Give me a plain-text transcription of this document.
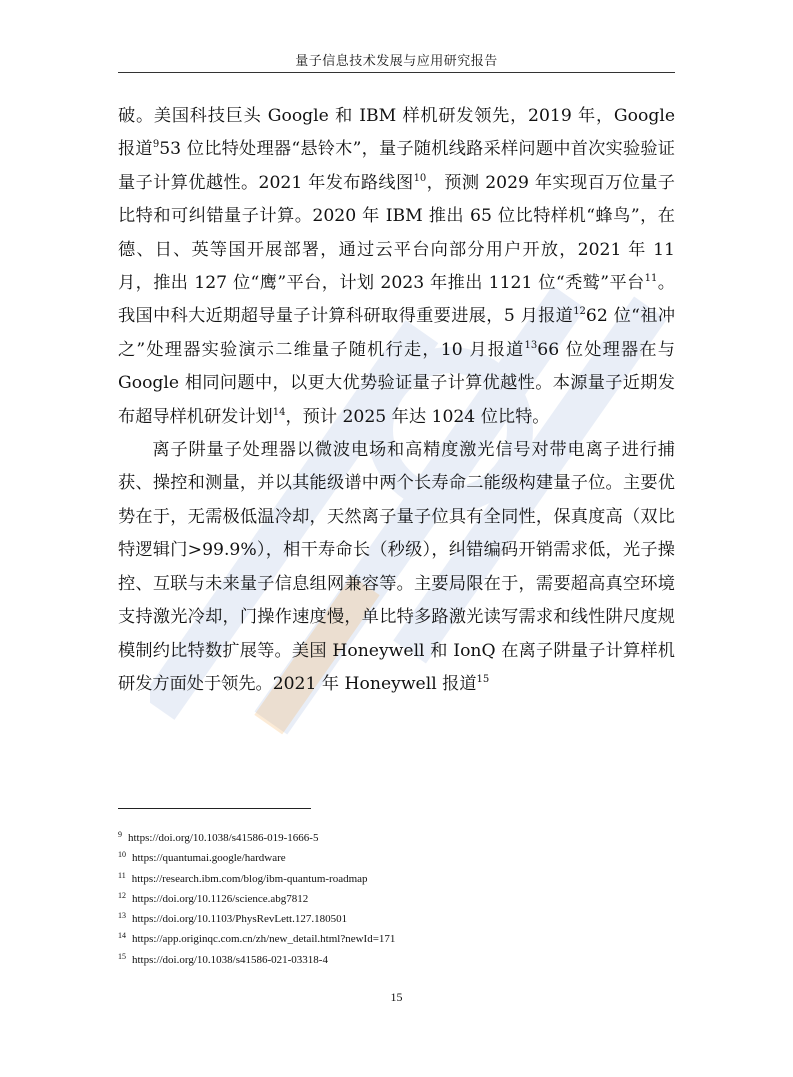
量子信息技术发展与应用研究报告

破。美国科技巨头 Google 和 IBM 样机研发领先，2019 年，Google 报道$^9$53 位比特处理器“悬铃木”，量子随机线路采样问题中首次实验验证量子计算优越性。2021 年发布路线图$^{10}$，预测 2029 年实现百万位量子比特和可纠错量子计算。2020 年 IBM 推出 65 位比特样机“蜂鸟”，在德、日、英等国开展部署，通过云平台向部分用户开放，2021 年 11 月，推出 127 位“鹰”平台，计划 2023 年推出 1121 位“秃鹫”平台$^{11}$。我国中科大近期超导量子计算科研取得重要进展，5 月报道$^{12}$62 位“祖冲之”处理器实验演示二维量子随机行走，10 月报道$^{13}$66 位处理器在与 Google 相同问题中，以更大优势验证量子计算优越性。本源量子近期发布超导样机研发计划$^{14}$，预计 2025 年达 1024 位比特。

离子阱量子处理器以微波电场和高精度激光信号对带电离子进行捕获、操控和测量，并以其能级谱中两个长寿命二能级构建量子位。主要优势在于，无需极低温冷却，天然离子量子位具有全同性，保真度高（双比特逻辑门>99.9%），相干寿命长（秒级），纠错编码开销需求低，光子操控、互联与未来量子信息组网兼容等。主要局限在于，需要超高真空环境支持激光冷却，门操作速度慢，单比特多路激光读写需求和线性阱尺度规模制约比特数扩展等。美国 Honeywell 和 IonQ 在离子阱量子计算样机研发方面处于领先。2021 年 Honeywell 报道$^{15}$

$^9$ https://doi.org/10.1038/s41586-019-1666-5
$^{10}$ https://quantumai.google/hardware
$^{11}$ https://research.ibm.com/blog/ibm-quantum-roadmap
$^{12}$ https://doi.org/10.1126/science.abg7812
$^{13}$ https://doi.org/10.1103/PhysRevLett.127.180501
$^{14}$ https://app.originqc.com.cn/zh/new_detail.html?newId=171
$^{15}$ https://doi.org/10.1038/s41586-021-03318-4
15
